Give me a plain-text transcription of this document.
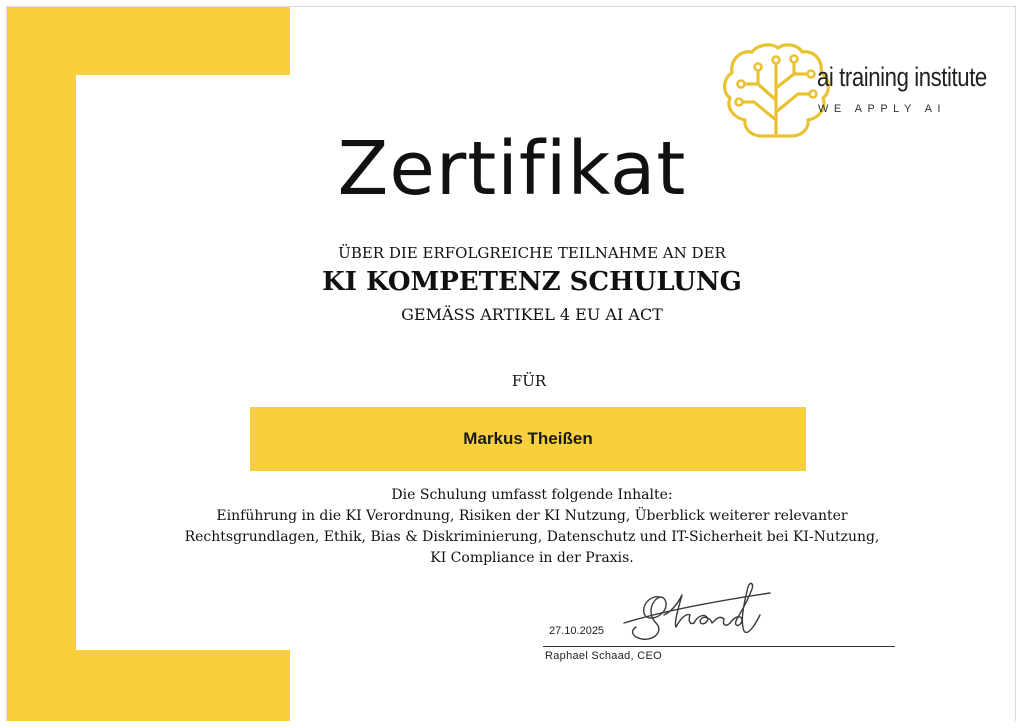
ai training institute
WE APPLY AI
Zertifikat
ÜBER DIE ERFOLGREICHE TEILNAHME AN DER
KI KOMPETENZ SCHULUNG
GEMÄSS ARTIKEL 4 EU AI ACT
FÜR
Markus Theißen
Die Schulung umfasst folgende Inhalte:
Einführung in die KI Verordnung, Risiken der KI Nutzung, Überblick weiterer relevanter
Rechtsgrundlagen, Ethik, Bias & Diskriminierung, Datenschutz und IT-Sicherheit bei KI-Nutzung,
KI Compliance in der Praxis.
27.10.2025
Raphael Schaad, CEO
